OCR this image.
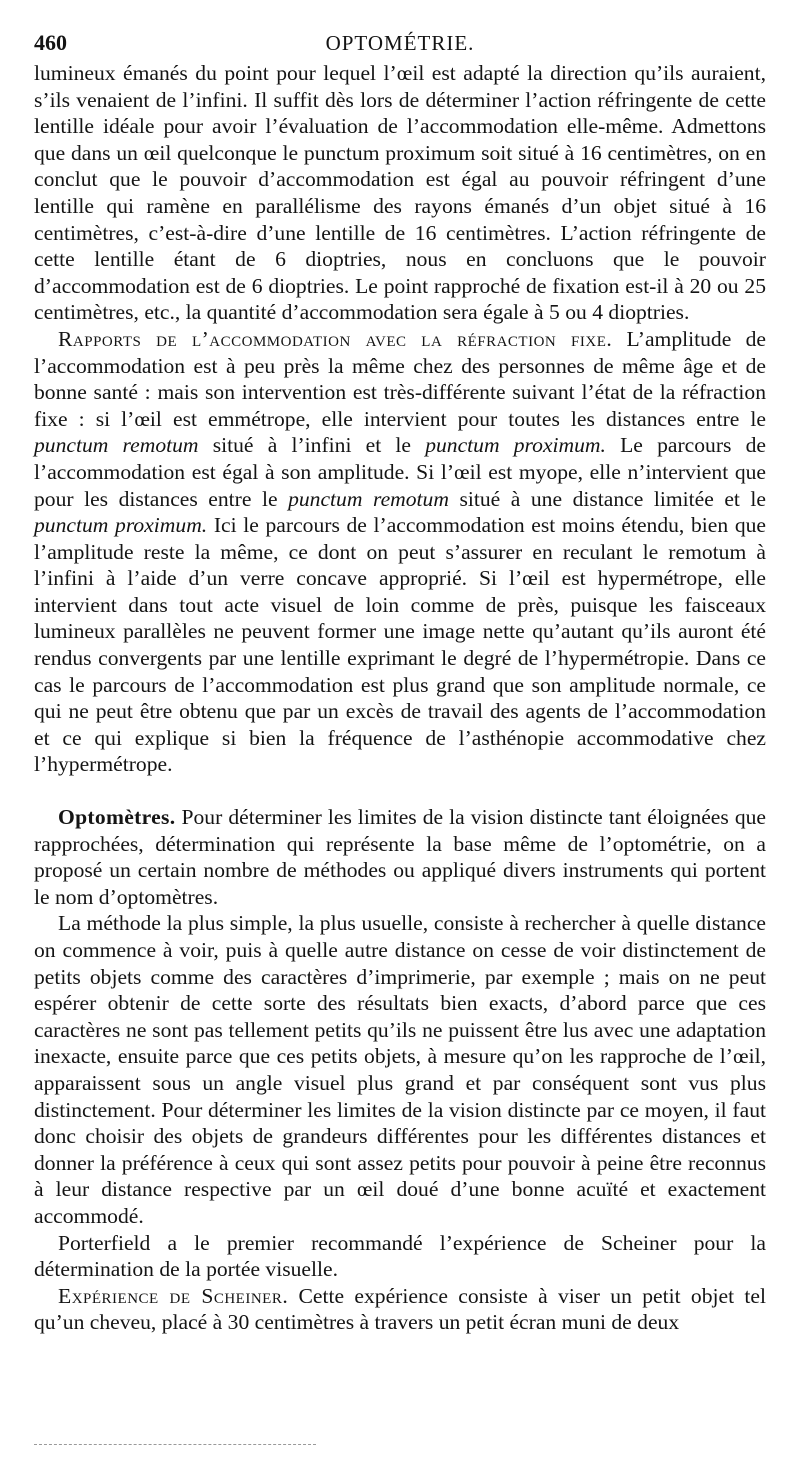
460	OPTOMÉTRIE.

lumineux émanés du point pour lequel l’œil est adapté la direction qu’ils auraient, s’ils venaient de l’infini. Il suffit dès lors de déterminer l’action réfringente de cette lentille idéale pour avoir l’évaluation de l’accommodation elle-même. Admettons que dans un œil quelconque le punctum proximum soit situé à 16 centimètres, on en conclut que le pouvoir d’accommodation est égal au pouvoir réfringent d’une lentille qui ramène en parallélisme des rayons émanés d’un objet situé à 16 centimètres, c’est-à-dire d’une lentille de 16 centimètres. L’action réfringente de cette lentille étant de 6 dioptries, nous en concluons que le pouvoir d’accommodation est de 6 dioptries. Le point rapproché de fixation est-il à 20 ou 25 centimètres, etc., la quantité d’accommodation sera égale à 5 ou 4 dioptries.

Rapports de l’accommodation avec la réfraction fixe. L’amplitude de l’accommodation est à peu près la même chez des personnes de même âge et de bonne santé : mais son intervention est très-différente suivant l’état de la réfraction fixe : si l’œil est emmétrope, elle intervient pour toutes les distances entre le punctum remotum situé à l’infini et le punctum proximum. Le parcours de l’accommodation est égal à son amplitude. Si l’œil est myope, elle n’intervient que pour les distances entre le punctum remotum situé à une distance limitée et le punctum proximum. Ici le parcours de l’accommodation est moins étendu, bien que l’amplitude reste la même, ce dont on peut s’assurer en reculant le remotum à l’infini à l’aide d’un verre concave approprié. Si l’œil est hypermétrope, elle intervient dans tout acte visuel de loin comme de près, puisque les faisceaux lumineux parallèles ne peuvent former une image nette qu’autant qu’ils auront été rendus convergents par une lentille exprimant le degré de l’hypermétropie. Dans ce cas le parcours de l’accommodation est plus grand que son amplitude normale, ce qui ne peut être obtenu que par un excès de travail des agents de l’accommodation et ce qui explique si bien la fréquence de l’asthénopie accommodative chez l’hypermétrope.

Optomètres. Pour déterminer les limites de la vision distincte tant éloignées que rapprochées, détermination qui représente la base même de l’optométrie, on a proposé un certain nombre de méthodes ou appliqué divers instruments qui portent le nom d’optomètres.

La méthode la plus simple, la plus usuelle, consiste à rechercher à quelle distance on commence à voir, puis à quelle autre distance on cesse de voir distinctement de petits objets comme des caractères d’imprimerie, par exemple ; mais on ne peut espérer obtenir de cette sorte des résultats bien exacts, d’abord parce que ces caractères ne sont pas tellement petits qu’ils ne puissent être lus avec une adaptation inexacte, ensuite parce que ces petits objets, à mesure qu’on les rapproche de l’œil, apparaissent sous un angle visuel plus grand et par conséquent sont vus plus distinctement. Pour déterminer les limites de la vision distincte par ce moyen, il faut donc choisir des objets de grandeurs différentes pour les différentes distances et donner la préférence à ceux qui sont assez petits pour pouvoir à peine être reconnus à leur distance respective par un œil doué d’une bonne acuïté et exactement accommodé.

Porterfield a le premier recommandé l’expérience de Scheiner pour la détermination de la portée visuelle.

Expérience de Scheiner. Cette expérience consiste à viser un petit objet tel qu’un cheveu, placé à 30 centimètres à travers un petit écran muni de deux
